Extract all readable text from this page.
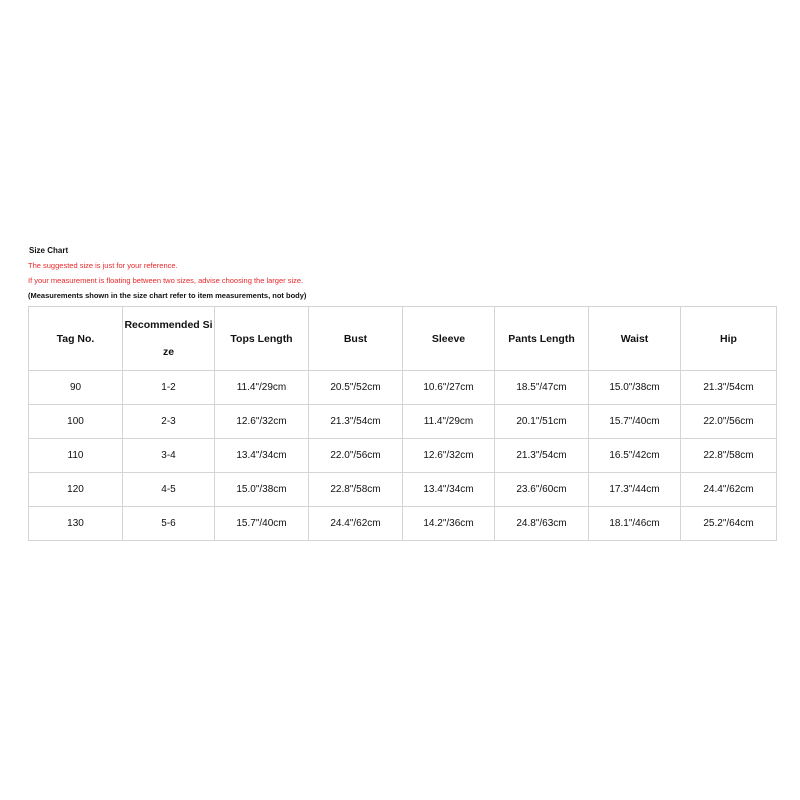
Size Chart
The suggested size is just for your reference.
If your measurement is floating between two sizes, advise choosing the larger size.
(Measurements shown in the size chart refer to item measurements, not body)
Tag No.	Recommended Size	Tops Length	Bust	Sleeve	Pants Length	Waist	Hip
90	1-2	11.4"/29cm	20.5"/52cm	10.6"/27cm	18.5"/47cm	15.0"/38cm	21.3"/54cm
100	2-3	12.6"/32cm	21.3"/54cm	11.4"/29cm	20.1"/51cm	15.7"/40cm	22.0"/56cm
110	3-4	13.4"/34cm	22.0"/56cm	12.6"/32cm	21.3"/54cm	16.5"/42cm	22.8"/58cm
120	4-5	15.0"/38cm	22.8"/58cm	13.4"/34cm	23.6"/60cm	17.3"/44cm	24.4"/62cm
130	5-6	15.7"/40cm	24.4"/62cm	14.2"/36cm	24.8"/63cm	18.1"/46cm	25.2"/64cm
